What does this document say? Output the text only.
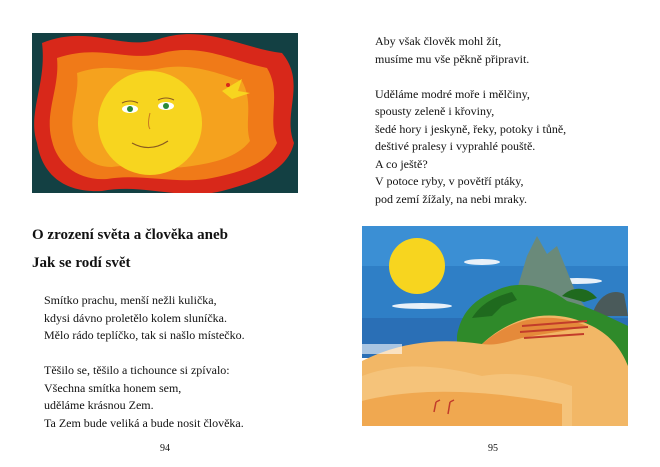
O zrození světa a člověka aneb
Jak se rodí svět

Smítko prachu, menší nežli kulička,
kdysi dávno proletělo kolem sluníčka.
Mělo rádo teplíčko, tak si našlo místečko.
Těšilo se, těšilo a tichounce si zpívalo:
Všechna smítka honem sem,
uděláme krásnou Zem.
Ta Zem bude veliká a bude nosit člověka.
94
Aby však člověk mohl žít,
musíme mu vše pěkně připravit.
Uděláme modré moře i mělčiny,
spousty zeleně i křoviny,
šedé hory i jeskyně, řeky, potoky i tůně,
deštivé pralesy i vyprahlé pouště.
A co ještě?
V potoce ryby, v povětří ptáky,
pod zemí žížaly, na nebi mraky.
95
